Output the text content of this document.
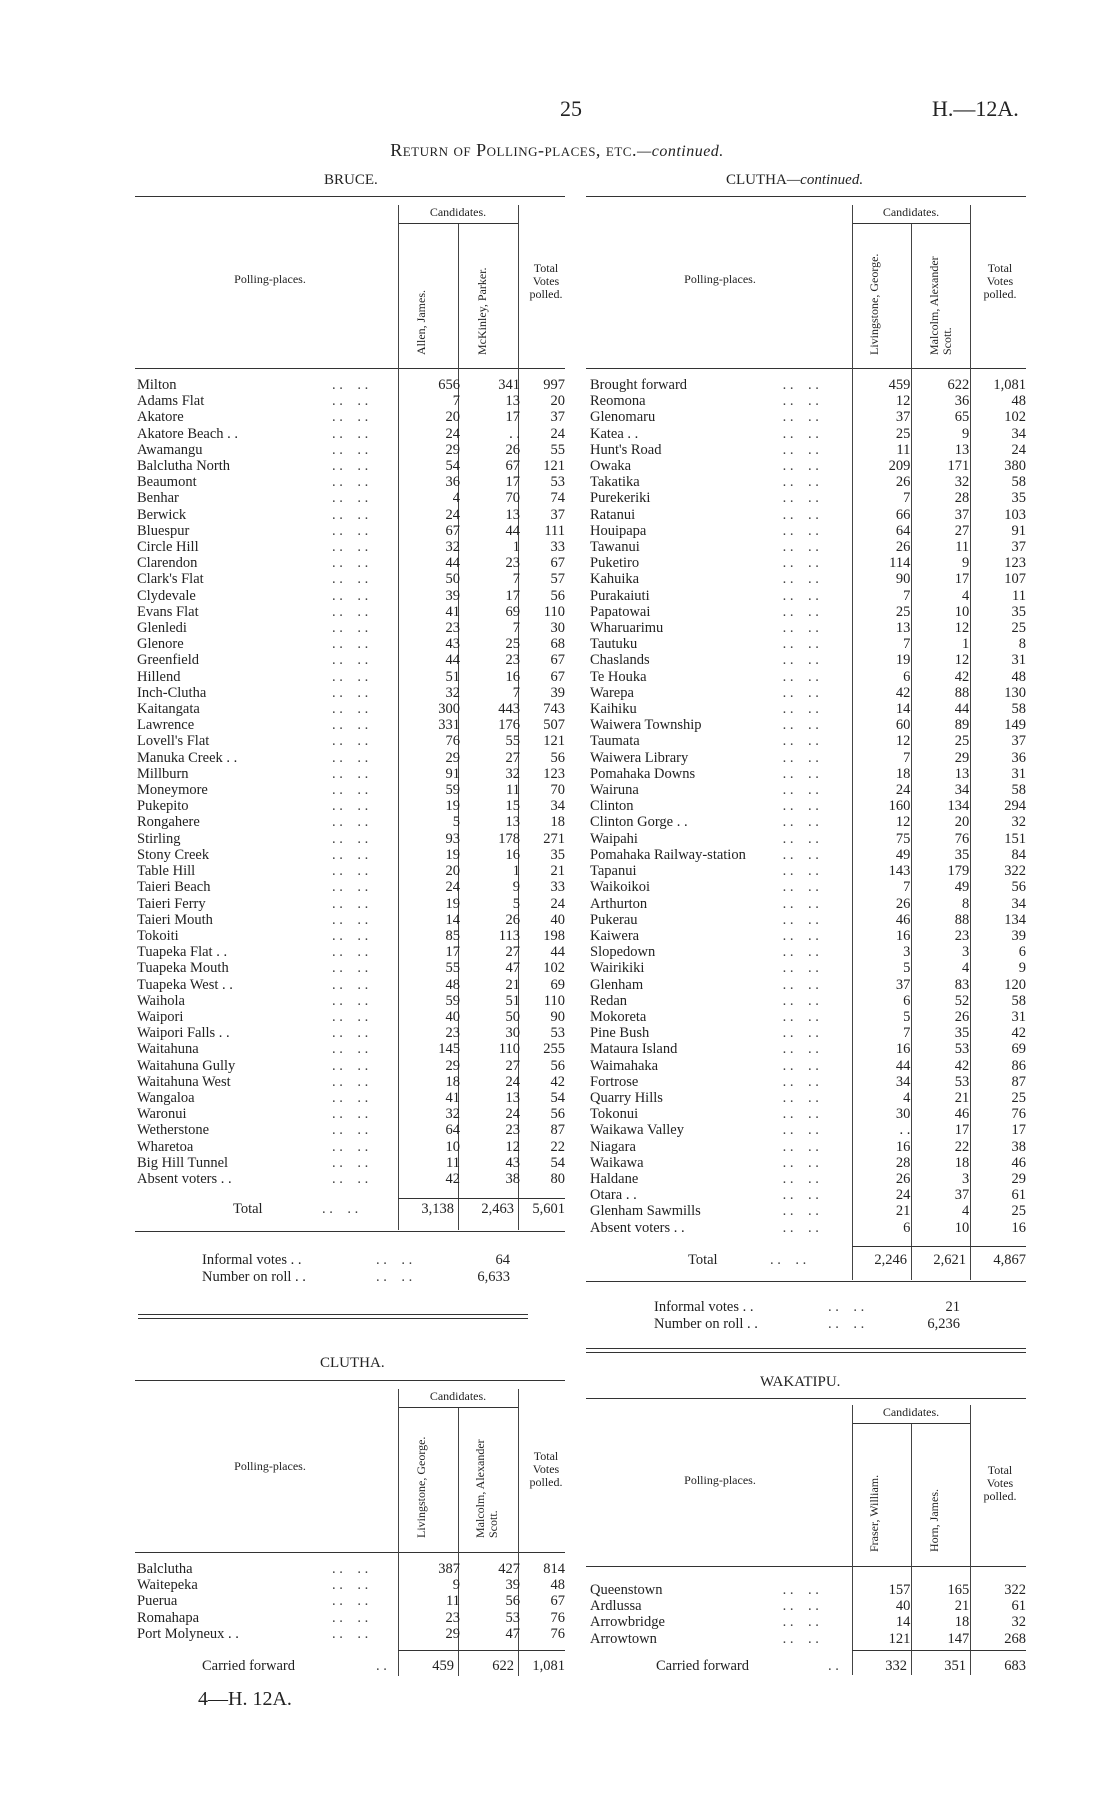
25	H.—12A.
Return of Polling-places, etc.—continued.
BRUCE.
Candidates.
Polling-places.
Allen, James.	McKinley, Parker.	Total Votes polled.
Milton	. .    . .	656	341	997
Adams Flat	. .    . .	7	13	20
Akatore	. .    . .	20	17	37
Akatore Beach . .	. .    . .	24	. .	24
Awamangu	. .    . .	29	26	55
Balclutha North	. .    . .	54	67	121
Beaumont	. .    . .	36	17	53
Benhar	. .    . .	4	70	74
Berwick	. .    . .	24	13	37
Bluespur	. .    . .	67	44	111
Circle Hill	. .    . .	32	1	33
Clarendon	. .    . .	44	23	67
Clark's Flat	. .    . .	50	7	57
Clydevale	. .    . .	39	17	56
Evans Flat	. .    . .	41	69	110
Glenledi	. .    . .	23	7	30
Glenore	. .    . .	43	25	68
Greenfield	. .    . .	44	23	67
Hillend	. .    . .	51	16	67
Inch-Clutha	. .    . .	32	7	39
Kaitangata	. .    . .	300	443	743
Lawrence	. .    . .	331	176	507
Lovell's Flat	. .    . .	76	55	121
Manuka Creek . .	. .    . .	29	27	56
Millburn	. .    . .	91	32	123
Moneymore	. .    . .	59	11	70
Pukepito	. .    . .	19	15	34
Rongahere	. .    . .	5	13	18
Stirling	. .    . .	93	178	271
Stony Creek	. .    . .	19	16	35
Table Hill	. .    . .	20	1	21
Taieri Beach	. .    . .	24	9	33
Taieri Ferry	. .    . .	19	5	24
Taieri Mouth	. .    . .	14	26	40
Tokoiti	. .    . .	85	113	198
Tuapeka Flat . .	. .    . .	17	27	44
Tuapeka Mouth	. .    . .	55	47	102
Tuapeka West . .	. .    . .	48	21	69
Waihola	. .    . .	59	51	110
Waipori	. .    . .	40	50	90
Waipori Falls . .	. .    . .	23	30	53
Waitahuna	. .    . .	145	110	255
Waitahuna Gully	. .    . .	29	27	56
Waitahuna West	. .    . .	18	24	42
Wangaloa	. .    . .	41	13	54
Waronui	. .    . .	32	24	56
Wetherstone	. .    . .	64	23	87
Wharetoa	. .    . .	10	12	22
Big Hill Tunnel	. .    . .	11	43	54
Absent voters . .	. .    . .	42	38	80
Total	. .    . .	3,138	2,463	5,601
Informal votes . .	. .    . .	64
Number on roll . .	. .    . .	6,633
CLUTHA—continued.
Candidates.
Polling-places.	Livingstone, George.	Malcolm, Alexander Scott.
Total Votes polled.
Brought forward	. .    . .	459	622	1,081
Reomona	. .    . .	12	36	48
Glenomaru	. .    . .	37	65	102
Katea . .	. .    . .	25	9	34
Hunt's Road	. .    . .	11	13	24
Owaka	. .    . .	209	171	380
Takatika	. .    . .	26	32	58
Purekeriki	. .    . .	7	28	35
Ratanui	. .    . .	66	37	103
Houipapa	. .    . .	64	27	91
Tawanui	. .    . .	26	11	37
Puketiro	. .    . .	114	9	123
Kahuika	. .    . .	90	17	107
Purakaiuti	. .    . .	7	4	11
Papatowai	. .    . .	25	10	35
Wharuarimu	. .    . .	13	12	25
Tautuku	. .    . .	7	1	8
Chaslands	. .    . .	19	12	31
Te Houka	. .    . .	6	42	48
Warepa	. .    . .	42	88	130
Kaihiku	. .    . .	14	44	58
Waiwera Township	. .    . .	60	89	149
Taumata	. .    . .	12	25	37
Waiwera Library	. .    . .	7	29	36
Pomahaka Downs	. .    . .	18	13	31
Wairuna	. .    . .	24	34	58
Clinton	. .    . .	160	134	294
Clinton Gorge . .	. .    . .	12	20	32
Waipahi	. .    . .	75	76	151
Pomahaka Railway-station	. .    . .	49	35	84
Tapanui	. .    . .	143	179	322
Waikoikoi	. .    . .	7	49	56
Arthurton	. .    . .	26	8	34
Pukerau	. .    . .	46	88	134
Kaiwera	. .    . .	16	23	39
Slopedown	. .    . .	3	3	6
Wairikiki	. .    . .	5	4	9
Glenham	. .    . .	37	83	120
Redan	. .    . .	6	52	58
Mokoreta	. .    . .	5	26	31
Pine Bush	. .    . .	7	35	42
Mataura Island	. .    . .	16	53	69
Waimahaka	. .    . .	44	42	86
Fortrose	. .    . .	34	53	87
Quarry Hills	. .    . .	4	21	25
Tokonui	. .    . .	30	46	76
Waikawa Valley	. .    . .	. .	17	17
Niagara	. .    . .	16	22	38
Waikawa	. .    . .	28	18	46
Haldane	. .    . .	26	3	29
Otara . .	. .    . .	24	37	61
Glenham Sawmills	. .    . .	21	4	25
Absent voters . .	. .    . .	6	10	16
Total	. .    . .	2,246	2,621	4,867
Informal votes . .	. .    . .	21
Number on roll . .	. .    . .	6,236
CLUTHA.
Candidates.
Polling-places.	Livingstone, George.	Malcolm, Alexander Scott.
Total Votes polled.
Balclutha	. .    . .	387	427	814
Waitepeka	. .    . .	9	39	48
Puerua	. .    . .	11	56	67
Romahapa	. .    . .	23	53	76
Port Molyneux . .	. .    . .	29	47	76
Carried forward	. .	459	622	1,081
WAKATIPU.
Candidates.
Polling-places.	Fraser, William.	Horn, James.
Total Votes polled.
Queenstown	. .    . .	157	165	322
Ardlussa	. .    . .	40	21	61
Arrowbridge	. .    . .	14	18	32
Arrowtown	. .    . .	121	147	268
Carried forward	. .	332	351	683
4—H. 12A.
